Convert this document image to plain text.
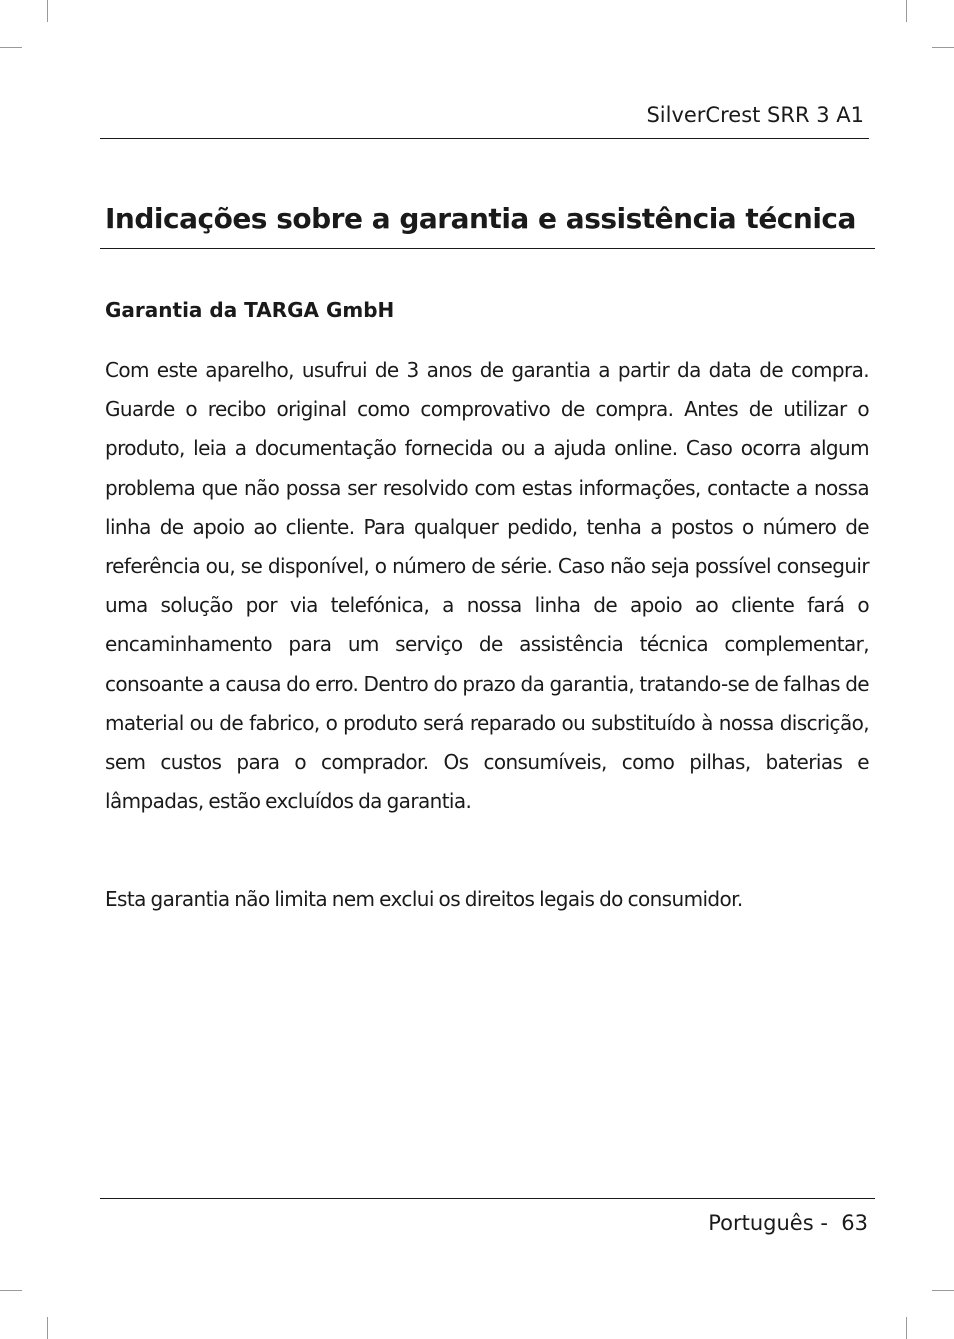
SilverCrest SRR 3 A1
Indicações sobre a garantia e assistência técnica
Garantia da TARGA GmbH

Com este aparelho, usufrui de 3 anos de garantia a partir da data de compra. Guarde o recibo original como comprovativo de compra. Antes de utilizar o produto, leia a documentação fornecida ou a ajuda online. Caso ocorra algum problema que não possa ser resolvido com estas informações, contacte a nossa linha de apoio ao cliente. Para qualquer pedido, tenha a postos o número de referência ou, se disponível, o número de série. Caso não seja possível conseguir uma solução por via telefónica, a nossa linha de apoio ao cliente fará o encaminhamento para um serviço de assistência técnica complementar, consoante a causa do erro. Dentro do prazo da garantia, tratando-se de falhas de material ou de fabrico, o produto será reparado ou substituído à nossa discrição, sem custos para o comprador. Os consumíveis, como pilhas, baterias e lâmpadas, estão excluídos da garantia.

Esta garantia não limita nem exclui os direitos legais do consumidor.

Português -  63
